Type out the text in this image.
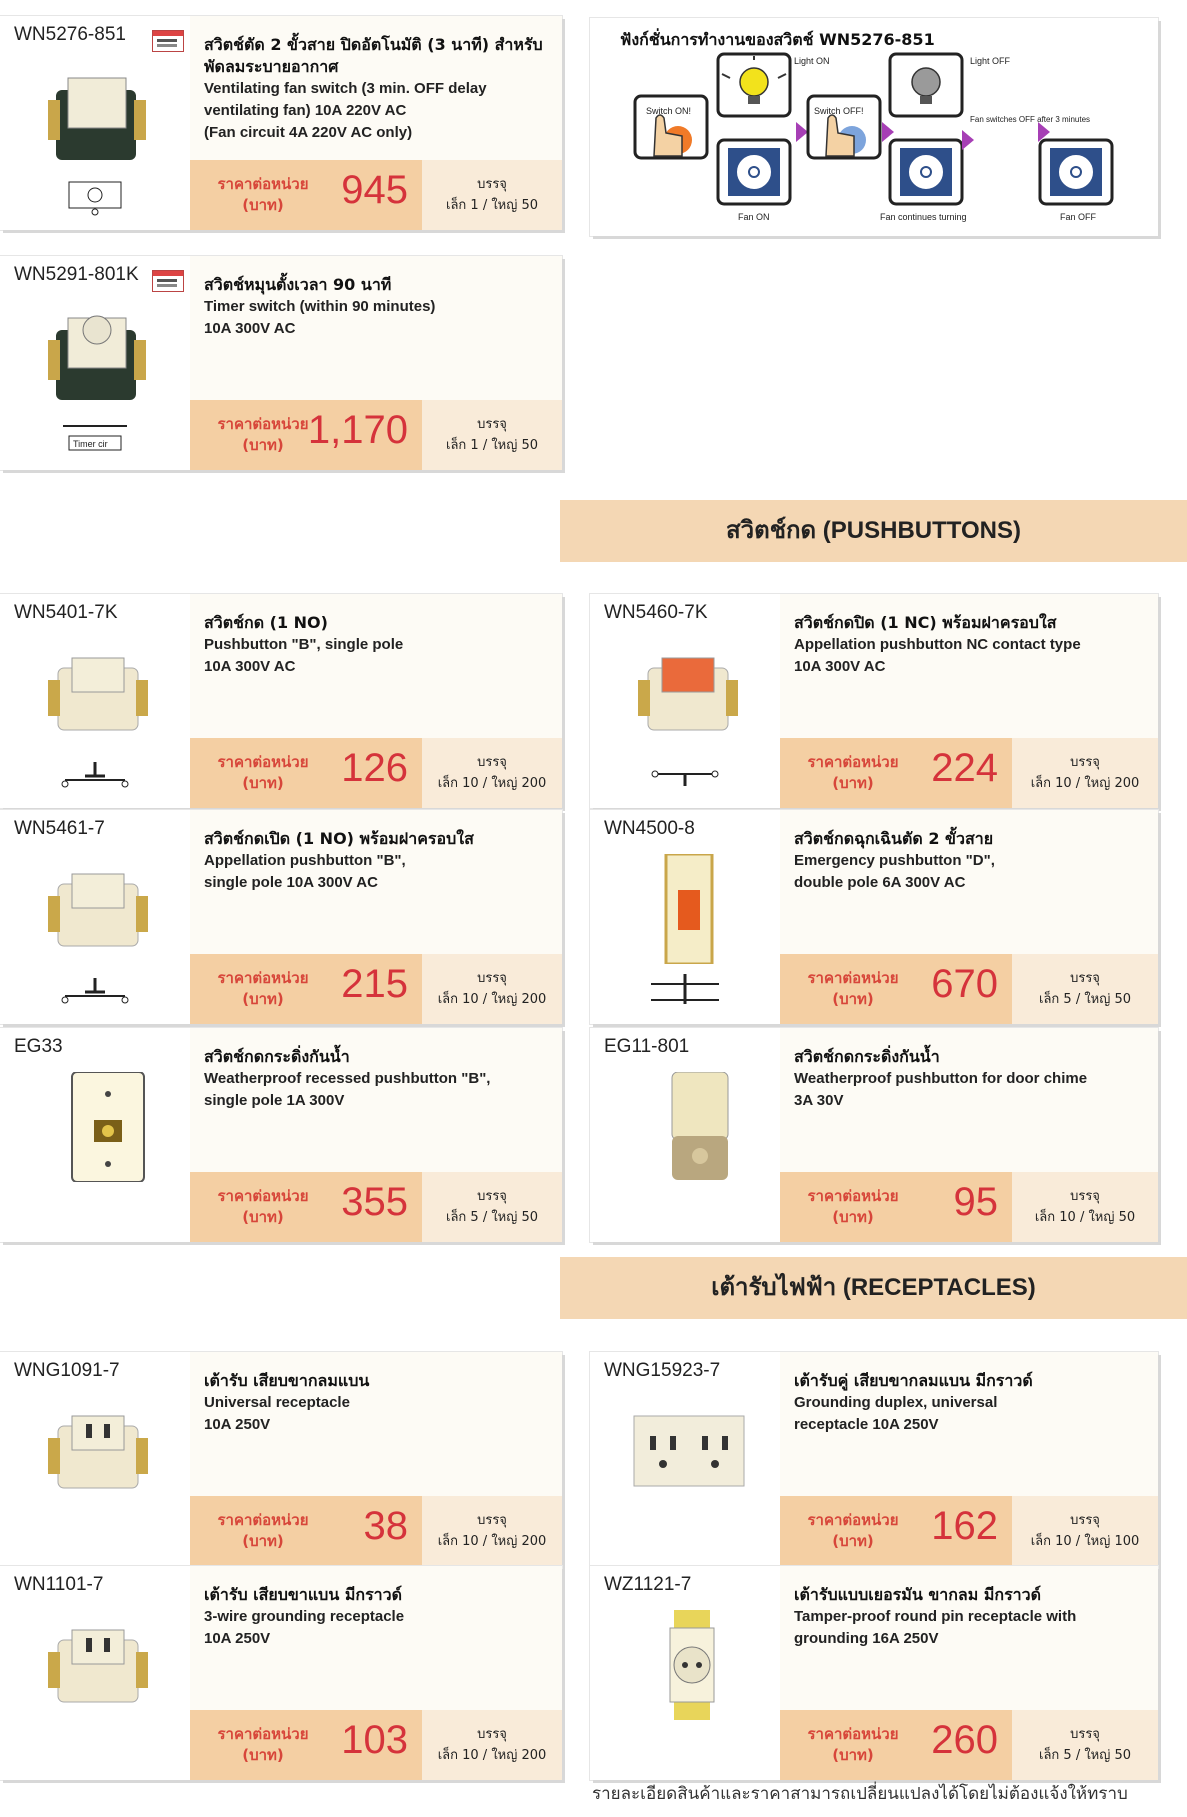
WN5276-851	สวิตช์ตัด 2 ขั้วสาย ปิดอัตโนมัติ (3 นาที) สำหรับพัดลมระบายอากาศ
Ventilating fan switch (3 min. OFF delay
ventilating fan) 10A 220V AC
(Fan circuit 4A 220V AC only)
ราคาต่อหน่วย
(บาท)	945	บรรจุ
เล็ก 1 / ใหญ่ 50
WN5291-801K
Timer cir
สวิตช์หมุนตั้งเวลา 90 นาที
Timer switch (within 90 minutes)
10A 300V AC
ราคาต่อหน่วย
(บาท) 1,170	บรรจุ
เล็ก 1 / ใหญ่ 50
WN5401-7K	สวิตช์กด (1 NO)
Pushbutton "B", single pole
10A 300V AC
ราคาต่อหน่วย
(บาท)	126	บรรจุ
เล็ก 10 / ใหญ่ 200
WN5460-7K	สวิตช์กดปิด (1 NC) พร้อมฝาครอบใส
Appellation pushbutton NC contact type
10A 300V AC
ราคาต่อหน่วย
(บาท)	224	บรรจุ
เล็ก 10 / ใหญ่ 200
WN5461-7	สวิตช์กดเปิด (1 NO) พร้อมฝาครอบใส
Appellation pushbutton "B",
single pole 10A 300V AC
ราคาต่อหน่วย
(บาท)	215	บรรจุ
เล็ก 10 / ใหญ่ 200
WN4500-8	สวิตช์กดฉุกเฉินตัด 2 ขั้วสาย
Emergency pushbutton "D",
double pole 6A 300V AC
ราคาต่อหน่วย
(บาท)	670	บรรจุ
เล็ก 5 / ใหญ่ 50
EG33	สวิตช์กดกระดิ่งกันน้ำ
Weatherproof recessed pushbutton "B",
single pole 1A 300V
ราคาต่อหน่วย
(บาท)	355	บรรจุ
เล็ก 5 / ใหญ่ 50
EG11-801	สวิตช์กดกระดิ่งกันน้ำ
Weatherproof pushbutton for door chime
3A 30V
ราคาต่อหน่วย
(บาท)	95	บรรจุ
เล็ก 10 / ใหญ่ 50
WNG1091-7	เต้ารับ เสียบขากลมแบน
Universal receptacle
10A 250V
ราคาต่อหน่วย
(บาท)	38	บรรจุ
เล็ก 10 / ใหญ่ 200
WNG15923-7	เต้ารับคู่ เสียบขากลมแบน มีกราวด์
Grounding duplex, universal
receptacle 10A 250V
ราคาต่อหน่วย
(บาท)	162	บรรจุ
เล็ก 10 / ใหญ่ 100
WN1101-7	เต้ารับ เสียบขาแบน มีกราวด์
3-wire grounding receptacle
10A 250V
ราคาต่อหน่วย
(บาท)	103	บรรจุ
เล็ก 10 / ใหญ่ 200
WZ1121-7	เต้ารับแบบเยอรมัน ขากลม มีกราวด์
Tamper-proof round pin receptacle with
grounding 16A 250V
ราคาต่อหน่วย
(บาท)	260	บรรจุ
เล็ก 5 / ใหญ่ 50
ฟังก์ชั่นการทำงานของสวิตช์ WN5276-851
Switch ON!
Light ON
Fan ON
Switch OFF!
Light OFF
Fan continues turning
Fan switches OFF after 3 minutes
Fan OFF
สวิตช์กด (PUSHBUTTONS)
เต้ารับไฟฟ้า (RECEPTACLES)
รายละเอียดสินค้าและราคาสามารถเปลี่ยนแปลงได้โดยไม่ต้องแจ้งให้ทราบ
